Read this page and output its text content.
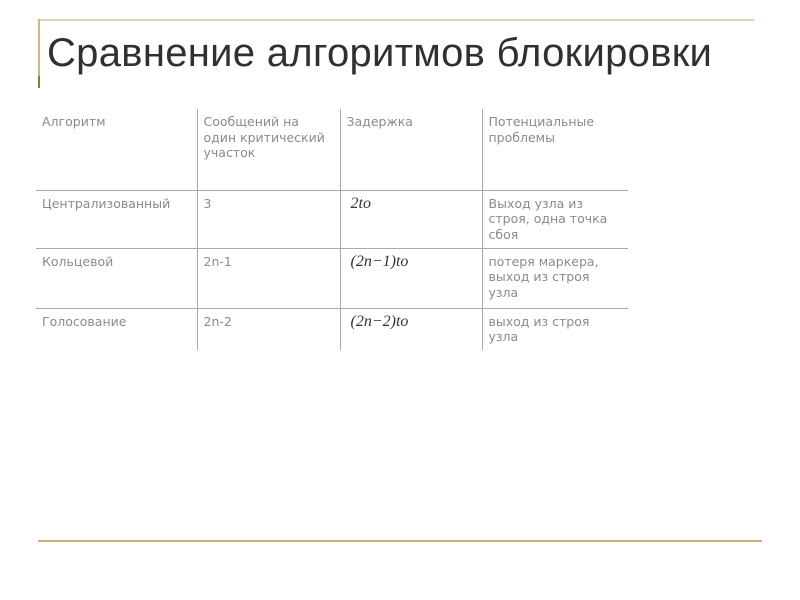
Сравнение алгоритмов блокировки
Алгоритм	Сообщений на один критический участок	Задержка	Потенциальные проблемы
Централизованный	3	2to	Выход узла из строя, одна точка сбоя
Кольцевой	2n-1	(2n−1)to	потеря маркера, выход из строя узла
Голосование	2n-2	(2n−2)to	выход из строя узла
